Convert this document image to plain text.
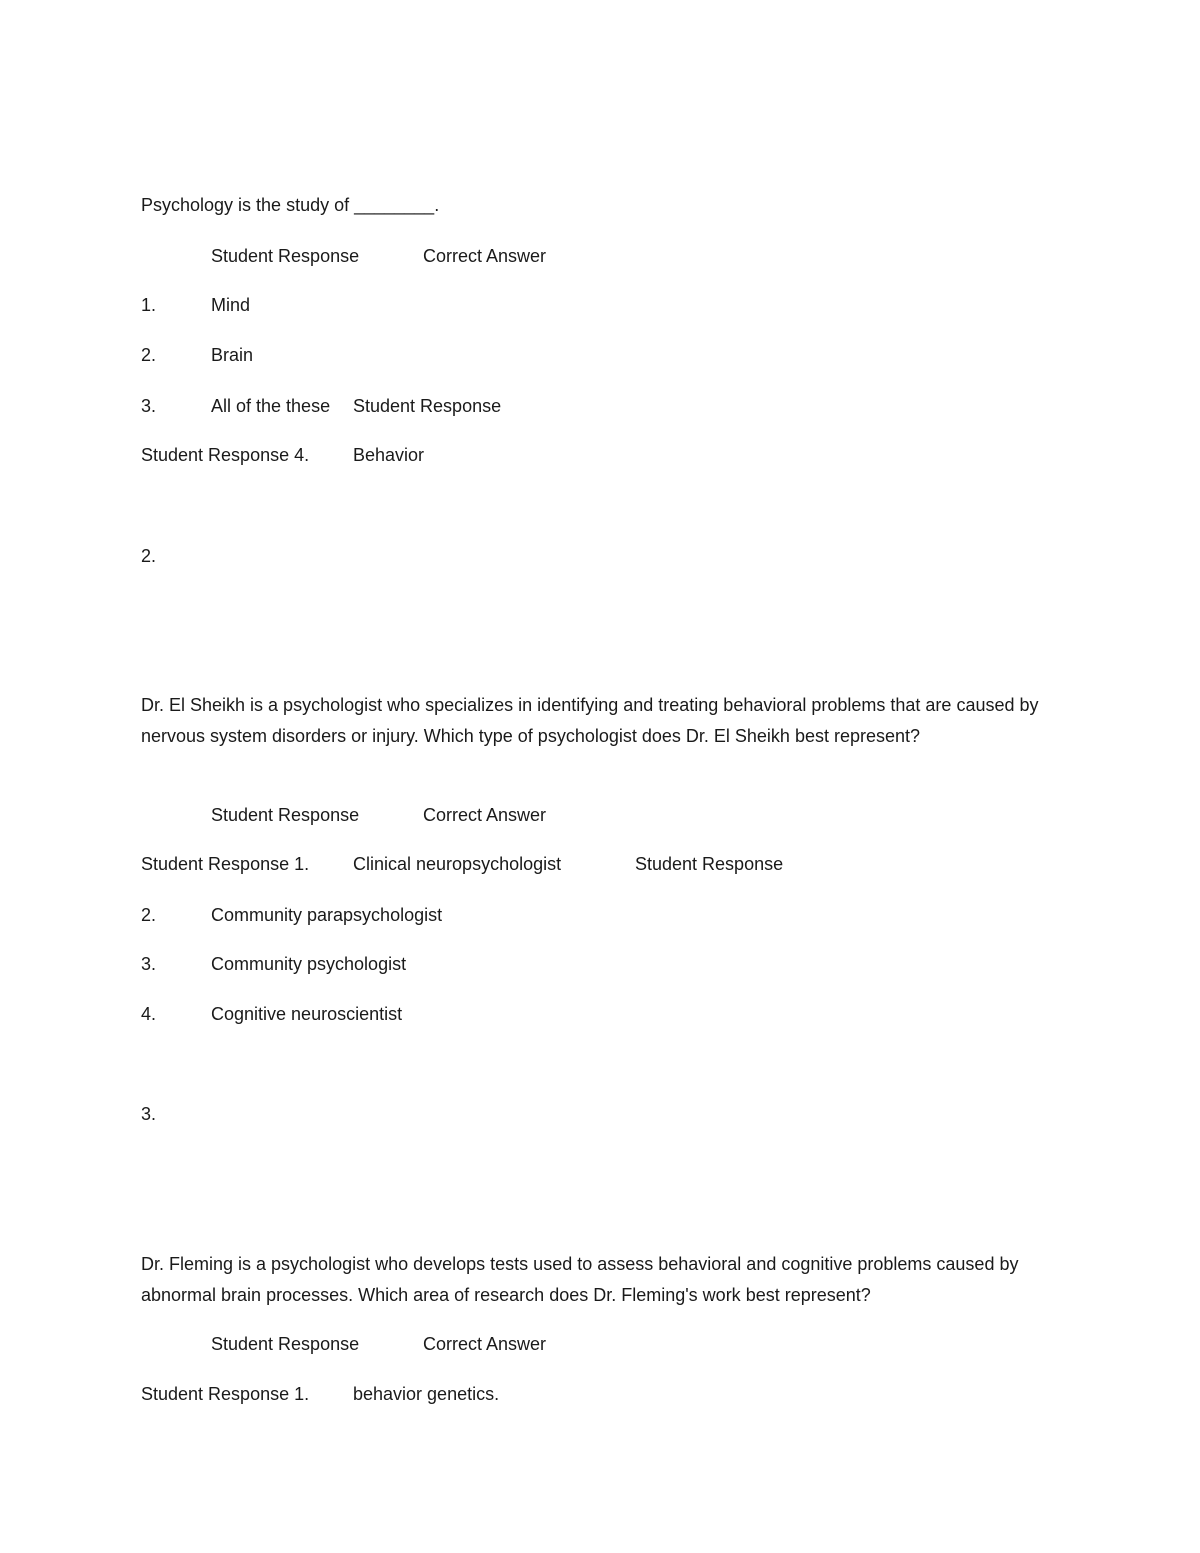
Psychology is the study of ________.
Student Response	Correct Answer
1.	Mind
2.	Brain
3.	All of the these Student Response
Student Response 4. Behavior
2.
Dr. El Sheikh is a psychologist who specializes in identifying and treating behavioral problems that are caused by nervous system disorders or injury. Which type of psychologist does Dr. El Sheikh best represent?
Student Response	Correct Answer
Student Response 1. Clinical neuropsychologist	Student Response
2.	Community parapsychologist
3.	Community psychologist
4.	Cognitive neuroscientist
3.
Dr. Fleming is a psychologist who develops tests used to assess behavioral and cognitive problems caused by abnormal brain processes. Which area of research does Dr. Fleming's work best represent?
Student Response	Correct Answer
Student Response 1. behavior genetics.
